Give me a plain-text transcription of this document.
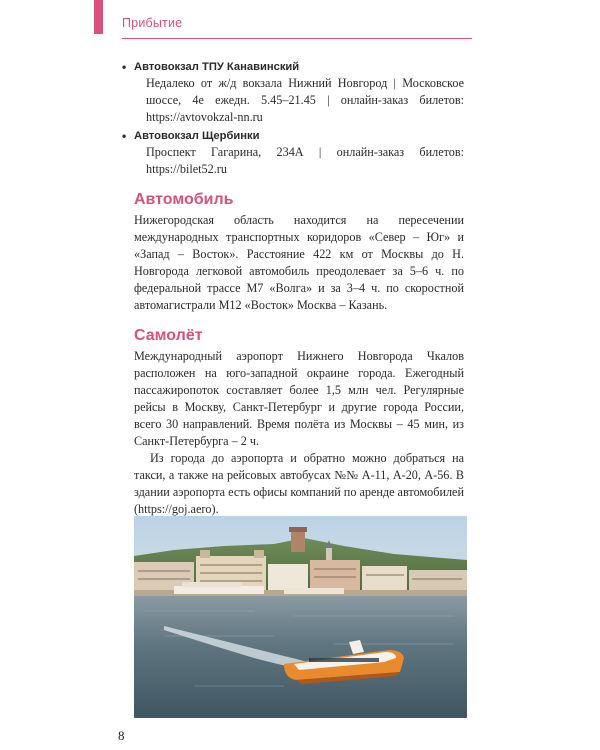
Прибытие
• Автовокзал ТПУ Канавинский
Недалеко от ж/д вокзала Нижний Новгород | Московское шоссе, 4е ежедн. 5.45–21.45 | онлайн-заказ билетов: https://avtovokzal-nn.ru
• Автовокзал Щербинки
Проспект Гагарина, 234А | онлайн-заказ билетов: https://bilet52.ru
Автомобиль

Нижегородская область находится на пересечении международных транспортных коридоров «Север – Юг» и «Запад – Восток». Расстояние 422 км от Москвы до Н. Новгорода легковой автомобиль преодолевает за 5–6 ч. по федеральной трассе М7 «Волга» и за 3–4 ч. по скоростной автомагистрали М12 «Восток» Москва – Казань.

Самолёт

Международный аэропорт Нижнего Новгорода Чкалов расположен на юго-западной окраине города. Ежегодный пассажиропоток составляет более 1,5 млн чел. Регулярные рейсы в Москву, Санкт-Петербург и другие города России, всего 30 направлений. Время полёта из Москвы – 45 мин, из Санкт-Петербурга – 2 ч.

Из города до аэропорта и обратно можно добраться на такси, а также на рейсовых автобусах №№ А-11, А-20, А-56. В здании аэропорта есть офисы компаний по аренде автомобилей (https://goj.aero).

8
